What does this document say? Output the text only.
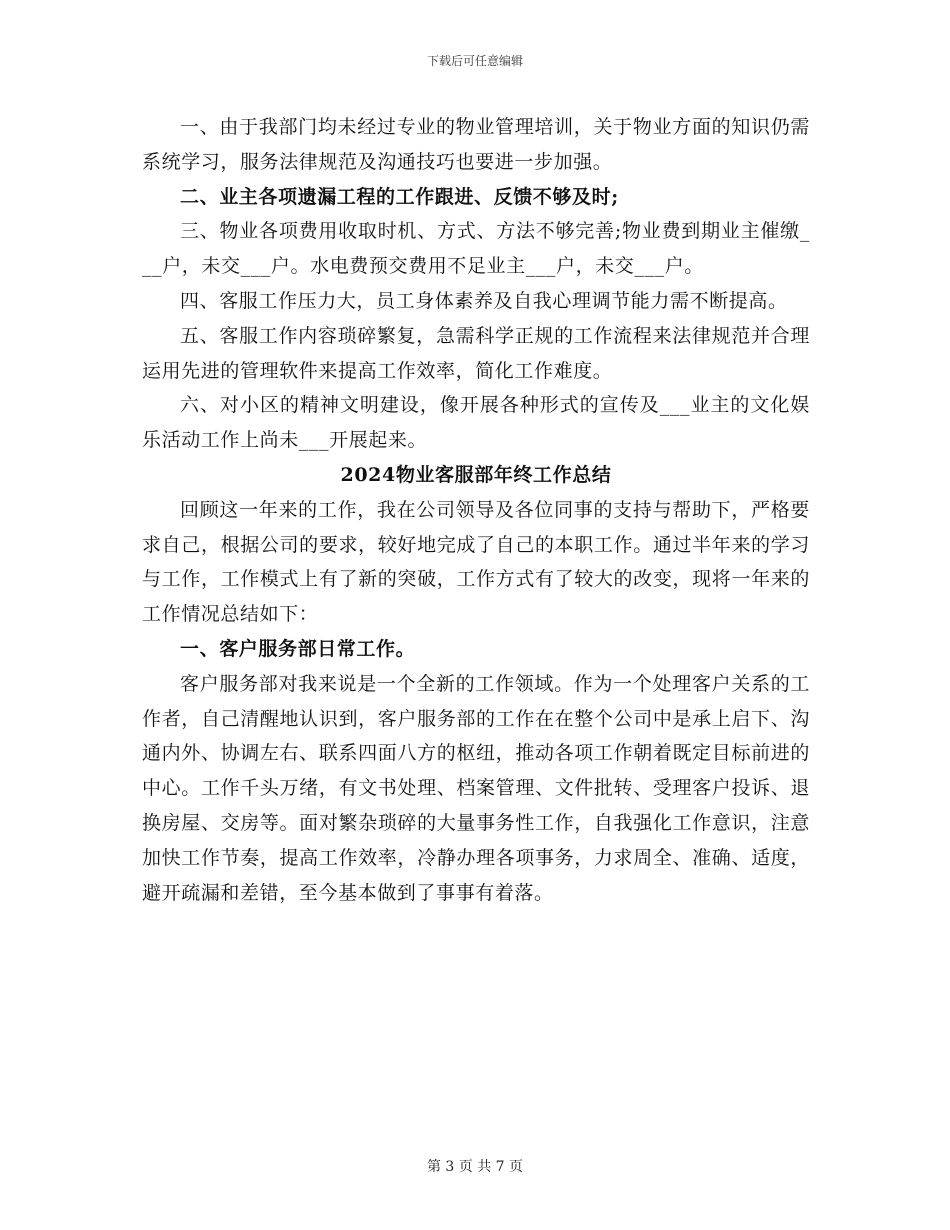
下载后可任意编辑

一、由于我部门均未经过专业的物业管理培训，关于物业方面的知识仍需系统学习，服务法律规范及沟通技巧也要进一步加强。

二、业主各项遗漏工程的工作跟进、反馈不够及时;

三、物业各项费用收取时机、方式、方法不够完善;物业费到期业主催缴___户，未交___户。水电费预交费用不足业主___户，未交___户。

四、客服工作压力大，员工身体素养及自我心理调节能力需不断提高。

五、客服工作内容琐碎繁复，急需科学正规的工作流程来法律规范并合理运用先进的管理软件来提高工作效率，简化工作难度。

六、对小区的精神文明建设，像开展各种形式的宣传及___业主的文化娱乐活动工作上尚未___开展起来。

2024物业客服部年终工作总结

回顾这一年来的工作，我在公司领导及各位同事的支持与帮助下，严格要求自己，根据公司的要求，较好地完成了自己的本职工作。通过半年来的学习与工作，工作模式上有了新的突破，工作方式有了较大的改变，现将一年来的工作情况总结如下：

一、客户服务部日常工作。

客户服务部对我来说是一个全新的工作领域。作为一个处理客户关系的工作者，自己清醒地认识到，客户服务部的工作在在整个公司中是承上启下、沟通内外、协调左右、联系四面八方的枢纽，推动各项工作朝着既定目标前进的中心。工作千头万绪，有文书处理、档案管理、文件批转、受理客户投诉、退换房屋、交房等。面对繁杂琐碎的大量事务性工作，自我强化工作意识，注意加快工作节奏，提高工作效率，冷静办理各项事务，力求周全、准确、适度，避开疏漏和差错，至今基本做到了事事有着落。

第 3 页 共 7 页
